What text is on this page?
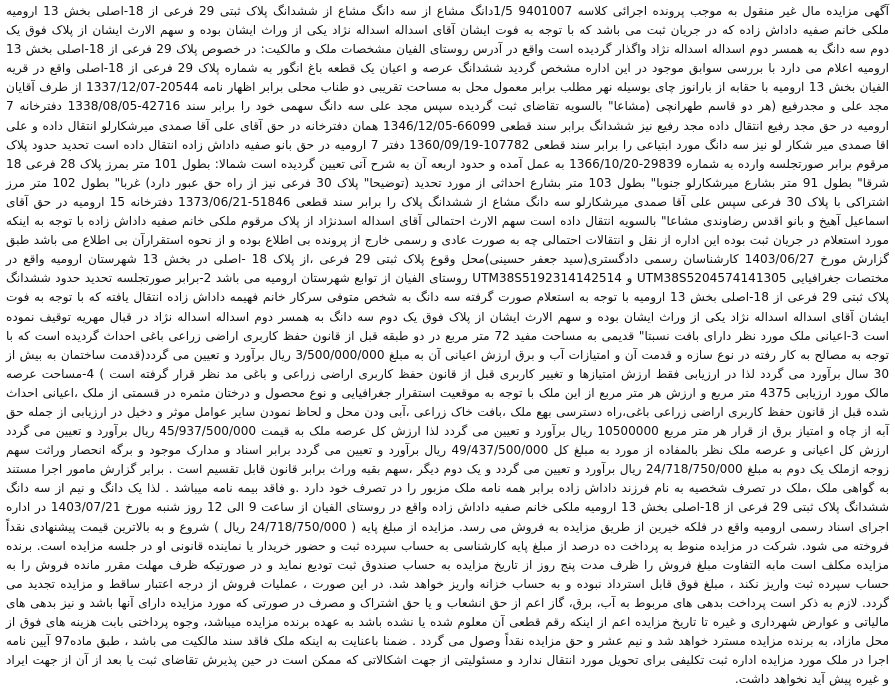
آگهی مزایده مال غیر منقول به موجب پرونده اجرائی کلاسه 9401007 1/5دانگ مشاع از سه دانگ مشاع از ششدانگ پلاک ثبتی 29 فرعی از 18-اصلی بخش 13 ارومیه ملکی خانم صفیه داداش زاده که در جریان ثبت می باشد که با توجه به فوت ایشان آقای اسداله اسداله نژاد یکی از وراث ایشان بوده و سهم الارث ایشان از پلاک فوق یک دوم سه دانگ به همسر دوم اسداله اسداله نژاد واگذار گردیده است واقع در آدرس روستای الفیان مشخصات ملک و مالکیت: در خصوص پلاک 29 فرعی از 18-اصلی بخش 13 ارومیه اعلام می دارد با بررسی سوابق موجود در این اداره مشخص گردید ششدانگ عرصه و اعیان یک قطعه باغ انگور به شماره پلاک 29 فرعی از 18-اصلی واقع در قریه الفیان بخش 13 ارومیه با حقابه از بارانوز چای بوسیله نهر مطلب برابر معمول محل به مساحت تقریبی دو طناب محلی برابر اظهار نامه 20544-1337/12/07 از طرف آقایان مجد علی و مجدرفیع (هر دو قاسم طهرانچی (مشاعا" بالسویه تقاضای ثبت گردیده سپس مجد علی سه دانگ سهمی خود را برابر سند 42716-1338/08/05 دفترخانه 7 ارومیه در حق مجد رفیع انتقال داده مجد رفیع نیز ششدانگ برابر سند قطعی 66099-1346/12/05 همان دفترخانه در حق آقای علی آقا صمدی میرشکارلو انتقال داده و علی اقا صمدی میر شکار لو نیز سه دانگ مورد ابتیاعی را برابر سند قطعی 107782-1360/09/19 دفتر 7 ارومیه در حق بانو صفیه داداش زاده انتقال داده است تحدید حدود پلاک مرقوم برابر صورتجلسه وارده به شماره 29839-1366/10/20 به عمل آمده و حدود اربعه آن به شرح آتی تعیین گردیده است شمالا: بطول 101 متر بمرز پلاک 28 فرعی 18 شرقا" بطول 91 متر بشارع میرشکارلو جنوبا" بطول 103 متر بشارع احداثی از مورد تحدید (توضیحا" پلاک 30 فرعی نیز از راه حق عبور دارد) غربا" بطول 102 متر مرز اشتراکی با پلاک 30 فرعی سپس علی آقا صمدی میرشکارلو سه دانگ مشاع از ششدانگ پلاک را برابر سند قطعی 51846-1373/06/21 دفترخانه 15 ارومیه در حق آقای اسماعیل آهیخ و بانو اقدس رضاوندی مشاعا" بالسویه انتقال داده است سهم الارث احتمالی آقای اسداله اسدنژاد از پلاک مرقوم ملکی خانم صفیه داداش زاده با توجه به اینکه مورد استعلام در جریان ثبت بوده این اداره از نقل و انتقالات احتمالی چه به صورت عادی و رسمی خارج از پرونده بی اطلاع بوده و از نحوه استقرارآن بی اطلاع می باشد طبق گزارش مورخ 1403/06/27 کارشناسان رسمی دادگستری(سید جعفر حسینی)محل وقوع پلاک ثبتی 29 فرعی ،از پلاک 18 -اصلی در بخش 13 شهرستان ارومیه واقع در مختصات جغرافیایی UTM38S5204574141305 و UTM38S5192314142514 روستای الفیان از توابع شهرستان ارومیه می باشد 2-برابر صورتجلسه تحدید حدود ششدانگ پلاک ثبتی 29 فرعی از 18-اصلی بخش 13 ارومیه با توجه به استعلام صورت گرفته سه دانگ به شخص متوفی سرکار خانم فهیمه داداش زاده انتقال یافته که با توجه به فوت ایشان آقای اسداله اسداله نژاد یکی از وراث ایشان بوده و سهم الارث ایشان از پلاک فوق یک دوم سه دانگ به همسر دوم اسداله اسداله نژاد در قبال مهریه توقیف نموده است 3-اعیانی ملک مورد نظر دارای بافت نسبتا" قدیمی به مساحت مفید 72 متر مربع در دو طبقه قبل از قانون حفظ کاربری اراضی زراعی باغی احداث گردیده است که با توجه به مصالح به کار رفته در نوع سازه و قدمت آن و امتیازات آب و برق ارزش اعیانی آن به مبلغ 3/500/000/000 ریال برآورد و تعیین می گردد(قدمت ساختمان به بیش از 30 سال برآورد می گردد لذا در ارزیابی فقط ارزش امتیازها و تغییر کاربری قبل از قانون حفظ کاربری اراضی زراعی و باغی مد نظر قرار گرفته است ) 4-مساحت عرصه مالک مورد ارزیابی 4375 متر مربع و ارزش هر متر مربع از این ملک با توجه به موقعیت استقرار جغرافیایی و نوع محصول و درختان مثمره در قسمتی از ملک ،اعیانی احداث شده قبل از قانون حفظ کاربری اراضی زراعی باغی،راه دسترسی بهع ملک ،بافت خاک زراعی ،آبی ودن محل و لحاظ نمودن سایر عوامل موثر و دخیل در ارزیابی از جمله حق آبه از چاه و امتیاز برق از قرار هر متر مربع 10500000 ریال برآورد و تعیین می گردد لذا ارزش کل عرصه ملک به قیمت 45/937/500/000 ریال برآورد و تعیین می گردد ارزش کل اعیانی و عرصه ملک نظر بالمفاده از مورد به مبلغ کل 49/437/500/000 ریال برآورد و تعیین می گردد برابر اسناد و مدارک موجود و برگه انحصار وراثت سهم زوجه ازملک یک دوم به مبلغ 24/718/750/000 ریال برآورد و تعیین می گردد و یک دوم دیگر ،سهم بقیه وراث برابر قانون قابل تقسیم است . برابر گزارش مامور اجرا مستند به گواهی ملک ،ملک در تصرف شخصیه به نام فرزند داداش زاده برابر همه نامه ملک مزبور را در تصرف خود دارد .و فاقد بیمه نامه میباشد . لذا یک دانگ و نیم از سه دانگ ششدانگ پلاک ثبتی 29 فرعی از 18-اصلی بخش 13 ارومیه ملکی خانم صفیه داداش زاده واقع در روستای الفیان از ساعت 9 الی 12 روز شنبه مورخ 1403/07/21 در اداره اجرای اسناد رسمی ارومیه واقع در فلکه خیرین از طریق مزایده به فروش می رسد. مزایده از مبلغ پایه ( 24/718/750/000 ریال ) شروع و به بالاترین قیمت پیشنهادی نقداً فروخته می شود. شرکت در مزایده منوط به پرداخت ده درصد از مبلغ پایه کارشناسی به حساب سپرده ثبت و حضور خریدار یا نماینده قانونی او در جلسه مزایده است. برنده مزایده مکلف است مابه التفاوت مبلغ فروش را ظرف مدت پنج روز از تاریخ مزایده به حساب صندوق ثبت تودیع نماید و در صورتیکه ظرف مهلت مقرر مانده فروش را به حساب سپرده ثبت واریز نکند ، مبلغ فوق قابل استرداد نبوده و به حساب خزانه واریز خواهد شد. در این صورت ، عملیات فروش از درجه اعتبار ساقط و مزایده تجدید می گردد. لازم به ذکر است پرداخت بدهی های مربوط به آب، برق، گاز اعم از حق انشعاب و یا حق اشتراک و مصرف در صورتی که مورد مزایده دارای آنها باشد و نیز بدهی های مالیاتی و عوارض شهرداری و غیره تا تاریخ مزایده اعم از اینکه رقم قطعی آن معلوم شده یا نشده باشد به عهده برنده مزایده میباشد، وجوه پرداختی بابت هزینه های فوق از محل مازاد، به برنده مزایده مسترد خواهد شد و نیم عشر و حق مزایده نقداً وصول می گردد . ضمنا باعنایت به اینکه ملک فاقد سند مالکیت می باشد ، طبق ماده97 آیین نامه اجرا در ملک مورد مزایده اداره ثبت تکلیفی برای تحویل مورد انتقال ندارد و مسئولیتی از جهت اشکالاتی که ممکن است در حین پذیرش تقاضای ثبت یا بعد از آن از جهت ایراد و غیره پیش آید نخواهد داشت.
